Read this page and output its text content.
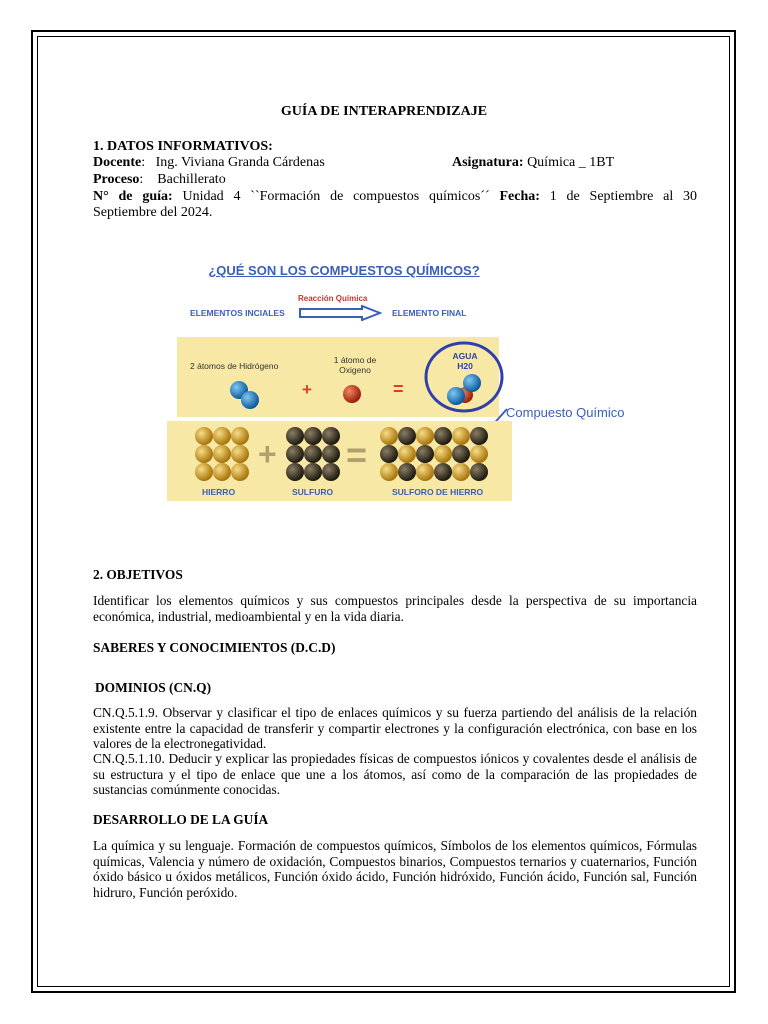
GUÍA DE INTERAPRENDIZAJE
1. DATOS INFORMATIVOS:
Docente:   Ing. Viviana Granda Cárdenas	Asignatura: Química _ 1BT
Proceso:    Bachillerato
N° de guía: Unidad 4 ``Formación de compuestos químicos´´ Fecha: 1 de Septiembre al 30
Septiembre del 2024.
¿QUÉ SON LOS COMPUESTOS QUÍMICOS?
Reacción Química
ELEMENTOS INCIALES	ELEMENTO FINAL
2 átomos de Hidrógeno
1 átomo de
Oxigeno
+	=
AGUA
H20
Compuesto Químico
+ =
HIERRO	SULFURO	SULFORO DE HIERRO
2. OBJETIVOS
Identificar los elementos químicos y sus compuestos principales desde la perspectiva de su importancia económica, industrial, medioambiental y en la vida diaria.
SABERES Y CONOCIMIENTOS (D.C.D)
DOMINIOS (CN.Q)
CN.Q.5.1.9. Observar y clasificar el tipo de enlaces químicos y su fuerza partiendo del análisis de la relación existente entre la capacidad de transferir y compartir electrones y la configuración electrónica, con base en los valores de la electronegatividad.
CN.Q.5.1.10. Deducir y explicar las propiedades físicas de compuestos iónicos y covalentes desde el análisis de su estructura y el tipo de enlace que une a los átomos, así como de la comparación de las propiedades de sustancias comúnmente conocidas.
DESARROLLO DE LA GUÍA
La química y su lenguaje. Formación de compuestos químicos, Símbolos de los elementos químicos, Fórmulas químicas, Valencia y número de oxidación, Compuestos binarios, Compuestos ternarios y cuaternarios, Función óxido básico u óxidos metálicos, Función óxido ácido, Función hidróxido, Función ácido, Función sal, Función hidruro, Función peróxido.
